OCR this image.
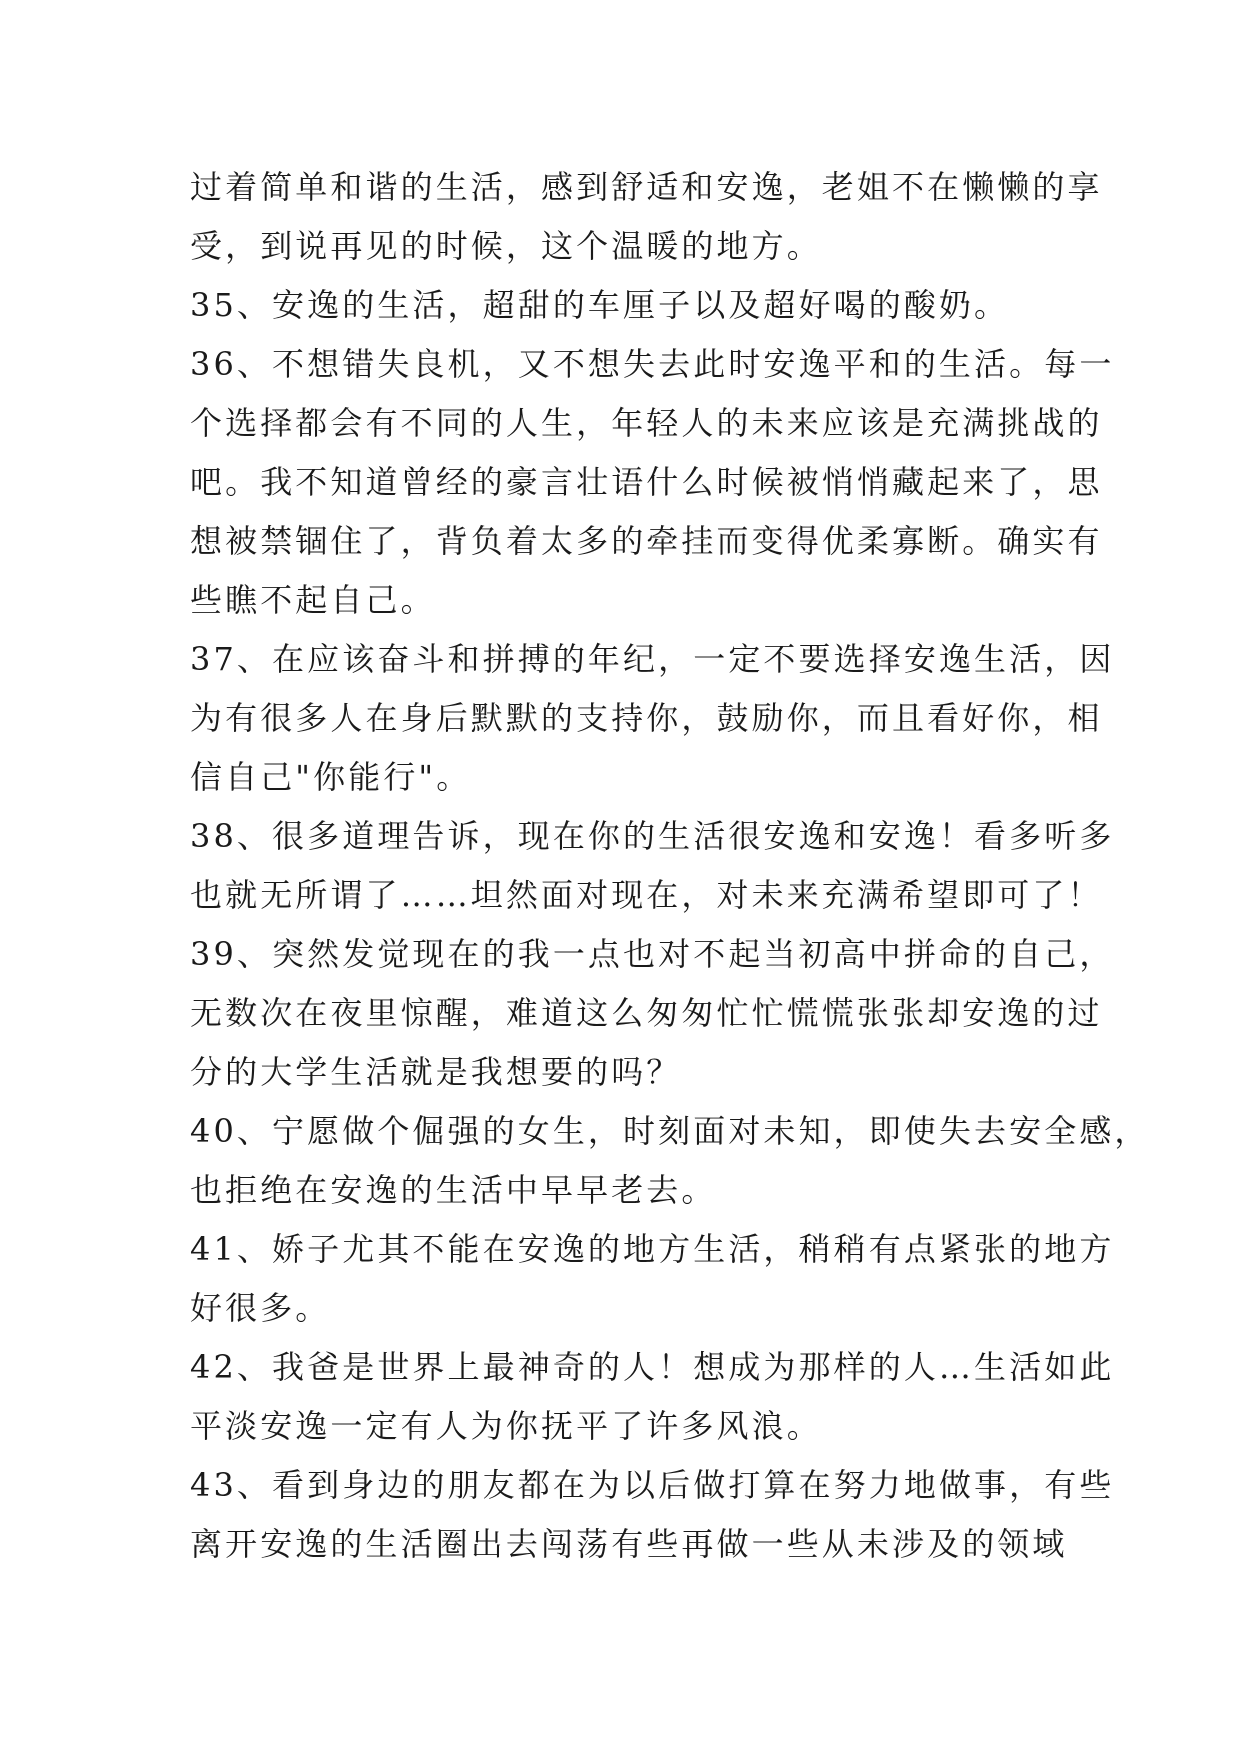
过着简单和谐的生活，感到舒适和安逸，老姐不在懒懒的享
受，到说再见的时候，这个温暖的地方。
35、安逸的生活，超甜的车厘子以及超好喝的酸奶。
36、不想错失良机，又不想失去此时安逸平和的生活。每一
个选择都会有不同的人生，年轻人的未来应该是充满挑战的
吧。我不知道曾经的豪言壮语什么时候被悄悄藏起来了，思
想被禁锢住了，背负着太多的牵挂而变得优柔寡断。确实有
些瞧不起自己。
37、在应该奋斗和拼搏的年纪，一定不要选择安逸生活，因
为有很多人在身后默默的支持你，鼓励你，而且看好你，相
信自己"你能行"。
38、很多道理告诉，现在你的生活很安逸和安逸！看多听多
也就无所谓了……坦然面对现在，对未来充满希望即可了！
39、突然发觉现在的我一点也对不起当初高中拼命的自己，
无数次在夜里惊醒，难道这么匆匆忙忙慌慌张张却安逸的过
分的大学生活就是我想要的吗？
40、宁愿做个倔强的女生，时刻面对未知，即使失去安全感，
也拒绝在安逸的生活中早早老去。
41、娇子尤其不能在安逸的地方生活，稍稍有点紧张的地方
好很多。
42、我爸是世界上最神奇的人！想成为那样的人…生活如此
平淡安逸一定有人为你抚平了许多风浪。
43、看到身边的朋友都在为以后做打算在努力地做事，有些
离开安逸的生活圈出去闯荡有些再做一些从未涉及的领域
